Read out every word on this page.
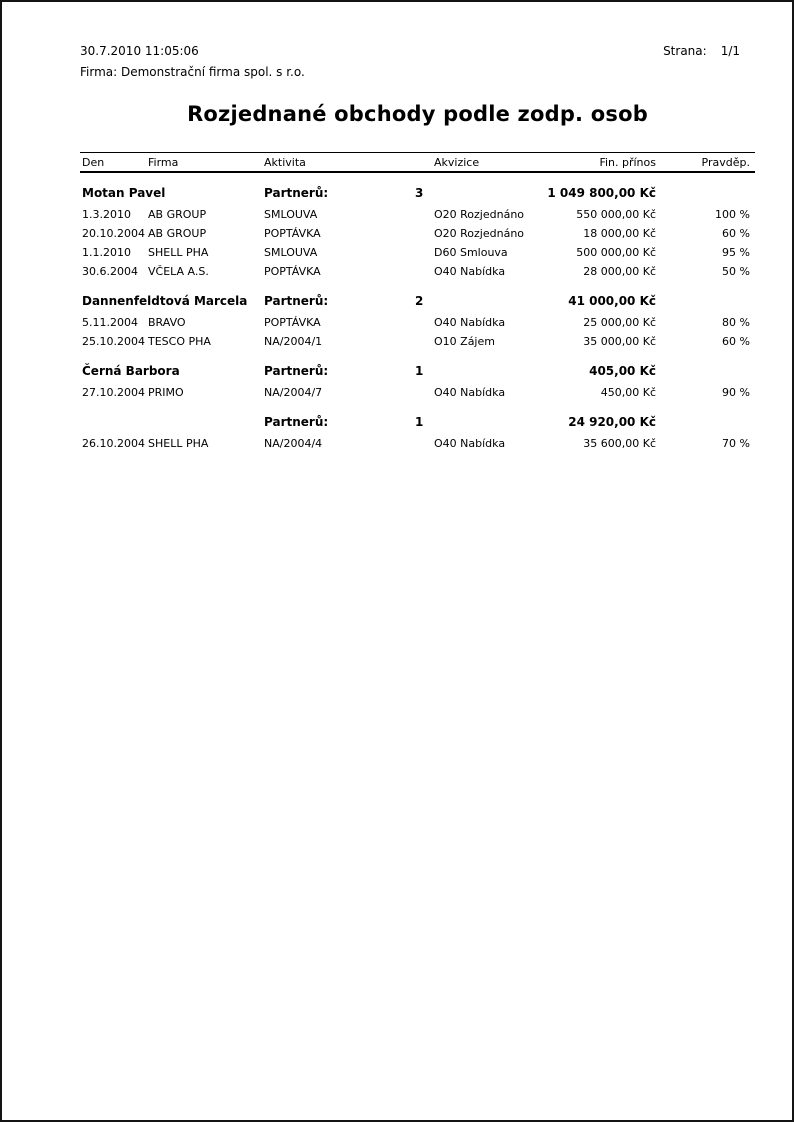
30.7.2010 11:05:06
Firma: Demonstrační firma spol. s r.o.
Strana: 1/1
Rozjednané obchody podle zodp. osob
Den	Firma	Aktivita	Akvizice	Fin. přínos	Pravděp.
Motan Pavel	Partnerů:	3	1 049 800,00 Kč
1.3.2010	AB GROUP	SMLOUVA	O20 Rozjednáno	550 000,00 Kč	100 %
20.10.2004 AB GROUP	POPTÁVKA	O20 Rozjednáno	18 000,00 Kč	60 %
1.1.2010	SHELL PHA	SMLOUVA	D60 Smlouva	500 000,00 Kč	95 %
30.6.2004 VČELA A.S.	POPTÁVKA	O40 Nabídka	28 000,00 Kč	50 %
Dannenfeldtová Marcela	Partnerů:	2	41 000,00 Kč
5.11.2004 BRAVO	POPTÁVKA	O40 Nabídka	25 000,00 Kč	80 %
25.10.2004 TESCO PHA	NA/2004/1	O10 Zájem	35 000,00 Kč	60 %
Černá Barbora	Partnerů:	1	405,00 Kč
27.10.2004 PRIMO	NA/2004/7	O40 Nabídka	450,00 Kč	90 %
Partnerů:	1	24 920,00 Kč
26.10.2004 SHELL PHA	NA/2004/4	O40 Nabídka	35 600,00 Kč	70 %
